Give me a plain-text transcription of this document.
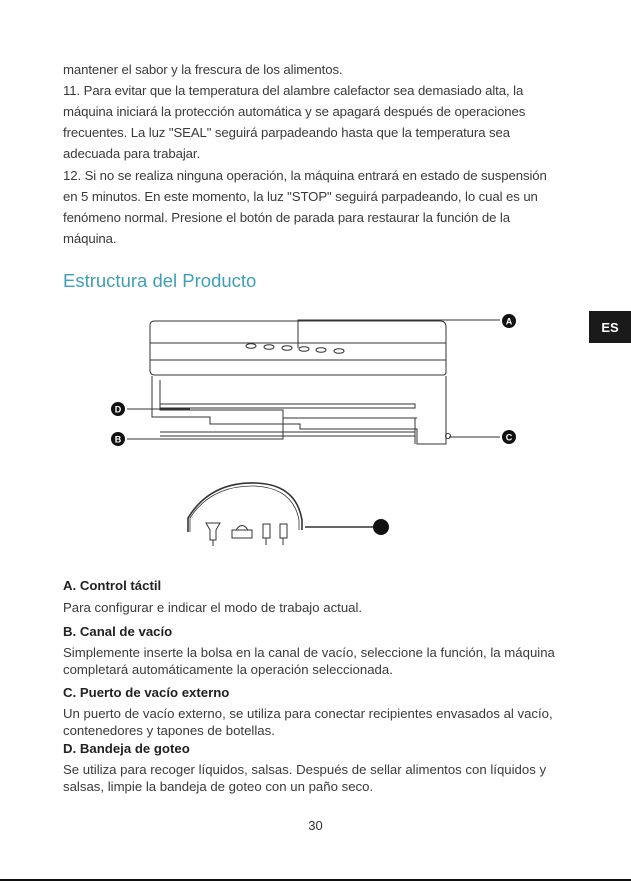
mantener el sabor y la frescura de los alimentos.

11. Para evitar que la temperatura del alambre calefactor sea demasiado alta, la

máquina iniciará la protección automática y se apagará después de operaciones

frecuentes. La luz "SEAL" seguirá parpadeando hasta que la temperatura sea

adecuada para trabajar.

12. Si no se realiza ninguna operación, la máquina entrará en estado de suspensión

en 5 minutos. En este momento, la luz "STOP" seguirá parpadeando, lo cual es un

fenómeno normal. Presione el botón de parada para restaurar la función de la

máquina.

Estructura del Producto
ES
A
D
B	C

A. Control táctil

Para configurar e indicar el modo de trabajo actual.

B. Canal de vacío

Simplemente inserte la bolsa en la canal de vacío, seleccione la función, la máquina completará automáticamente la operación seleccionada.

C. Puerto de vacío externo

Un puerto de vacío externo, se utiliza para conectar recipientes envasados al vacío, contenedores y tapones de botellas.

D. Bandeja de goteo

Se utiliza para recoger líquidos, salsas. Después de sellar alimentos con líquidos y salsas, limpie la bandeja de goteo con un paño seco.

30
